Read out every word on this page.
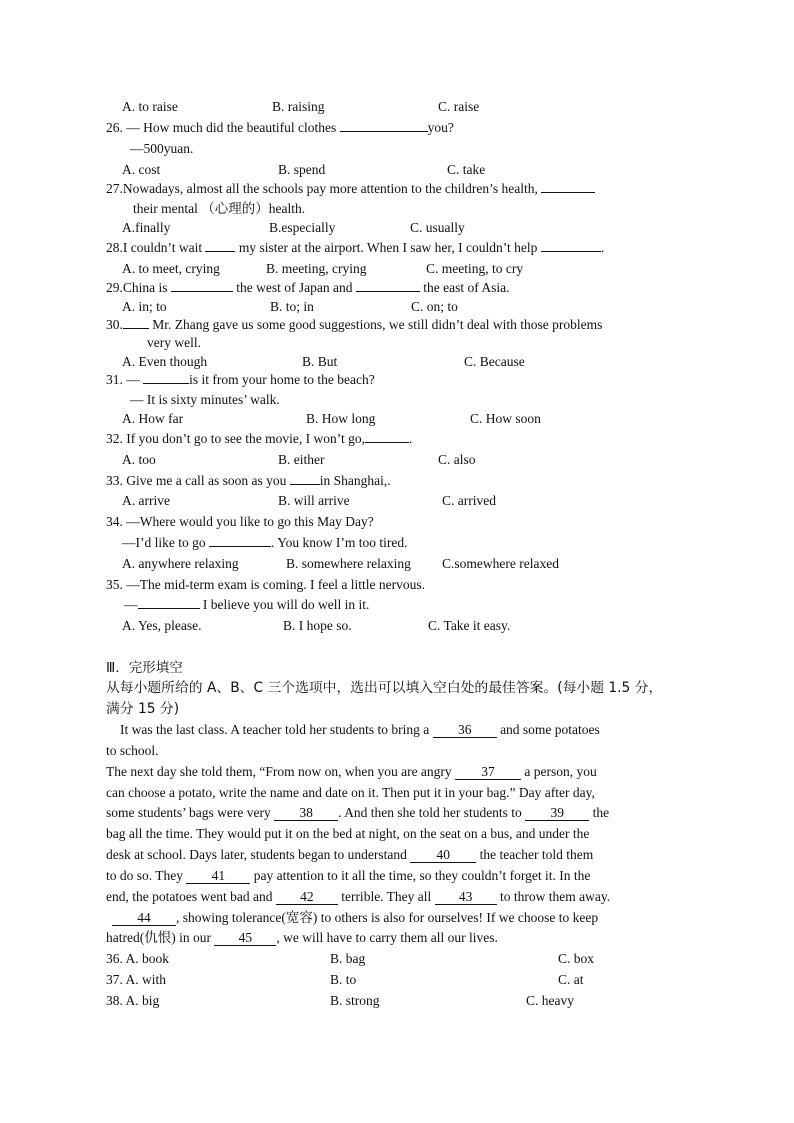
A. to raise	B. raising	C. raise
26. — How much did the beautiful clothes	you?
—500yuan.
A. cost	B. spend	C. take
27.Nowadays, almost all the schools pay more attention to the children’s health,
their mental （心理的）health.
A.finally	B.especially	C. usually
28.I couldn’t wait	my sister at the airport. When I saw her, I couldn’t help	.
A. to meet, crying	B. meeting, crying	C. meeting, to cry
29.China is	the west of Japan and	the east of Asia.
A. in; to	B. to; in	C. on; to
30. Mr. Zhang gave us some good suggestions, we still didn’t deal with those problems
very well.
A. Even though	B. But	C. Because
31. —	is it from your home to the beach?
— It is sixty minutes’ walk.
A. How far	B. How long	C. How soon
32. If you don’t go to see the movie, I won’t go,	.
A. too	B. either	C. also
33. Give me a call as soon as you in Shanghai,.
A. arrive	B. will arrive	C. arrived
34. —Where would you like to go this May Day?
—I’d like to go	. You know I’m too tired.
A. anywhere relaxing	B. somewhere relaxing C.somewhere relaxed
35. —The mid-term exam is coming. I feel a little nervous.
—	I believe you will do well in it.
A. Yes, please.	B. I hope so.	C. Take it easy.
Ⅲ．完形填空
从每小题所给的 A、B、C 三个选项中，选出可以填入空白处的最佳答案。(每小题 1.5 分，
满分 15 分)
It was the last class. A teacher told her students to bring a 36 and some potatoes
to school.
The next day she told them, “From now on, when you are angry 37 a person, you
can choose a potato, write the name and date on it. Then put it in your bag.” Day after day,
some students’ bags were very 38 . And then she told her students to 39 the
bag all the time. They would put it on the bed at night, on the seat on a bus, and under the
desk at school. Days later, students began to understand 40 the teacher told them
to do so. They 41 pay attention to it all the time, so they couldn’t forget it. In the
end, the potatoes went bad and 42 terrible. They all 43 to throw them away.
44 , showing tolerance(宽容) to others is also for ourselves! If we choose to keep
hatred(仇恨) in our 45 , we will have to carry them all our lives.
36. A. book	B. bag	C. box
37. A. with	B. to	C. at
38. A. big	B. strong	C. heavy
